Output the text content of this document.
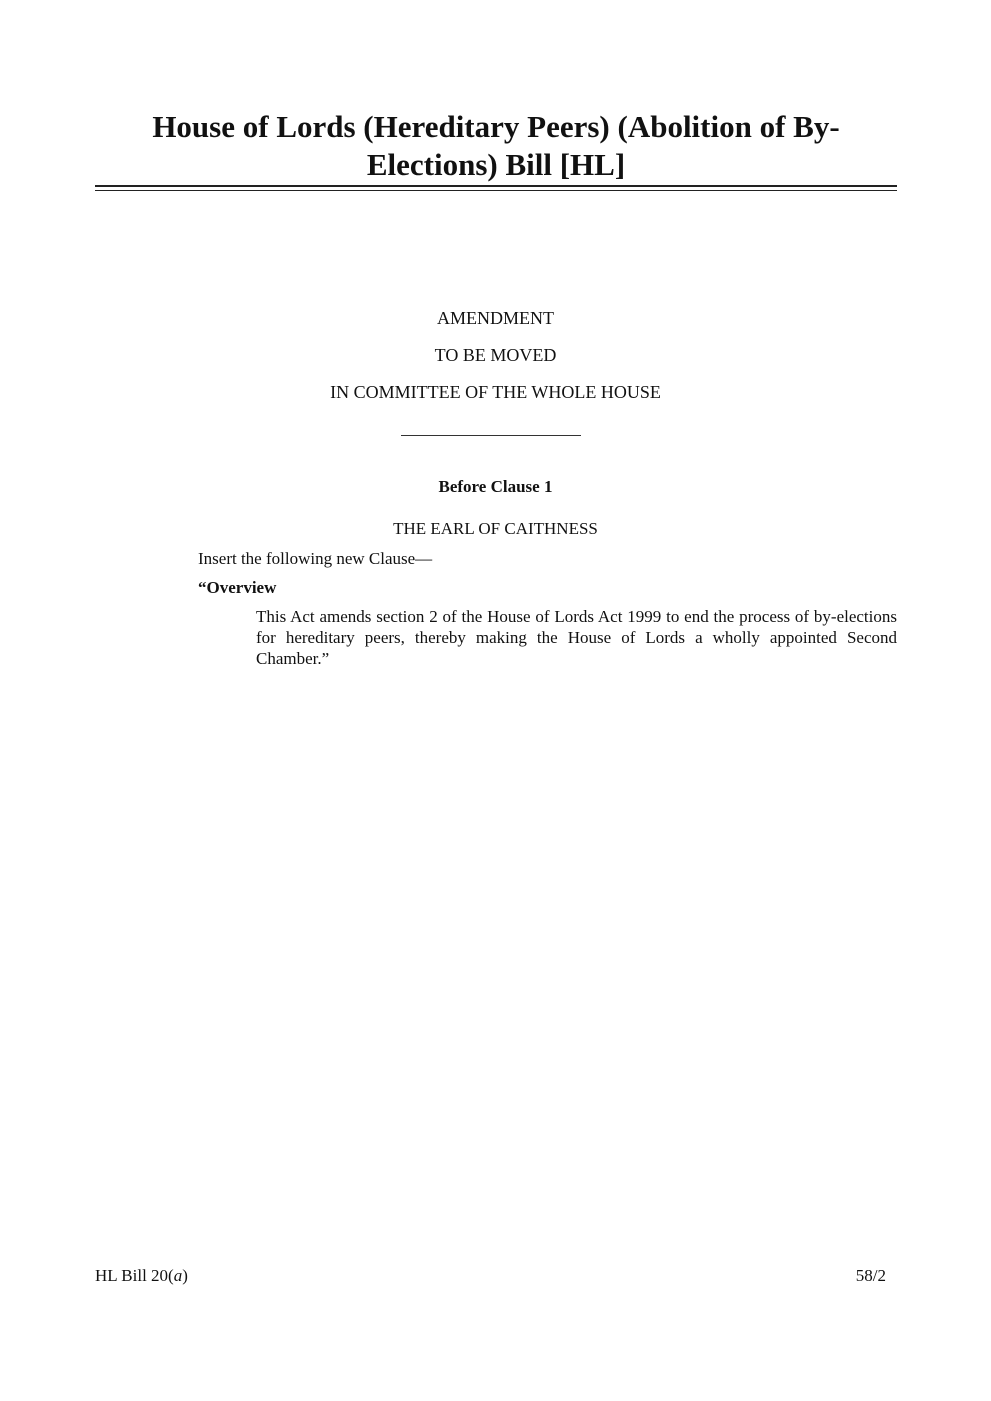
House of Lords (Hereditary Peers) (Abolition of By-Elections) Bill [HL]
AMENDMENT
TO BE MOVED
IN COMMITTEE OF THE WHOLE HOUSE
Before Clause 1
THE EARL OF CAITHNESS
Insert the following new Clause—
“Overview
This Act amends section 2 of the House of Lords Act 1999 to end the process of by-elections for hereditary peers, thereby making the House of Lords a wholly appointed Second Chamber.”
HL Bill 20(a)	58/2
